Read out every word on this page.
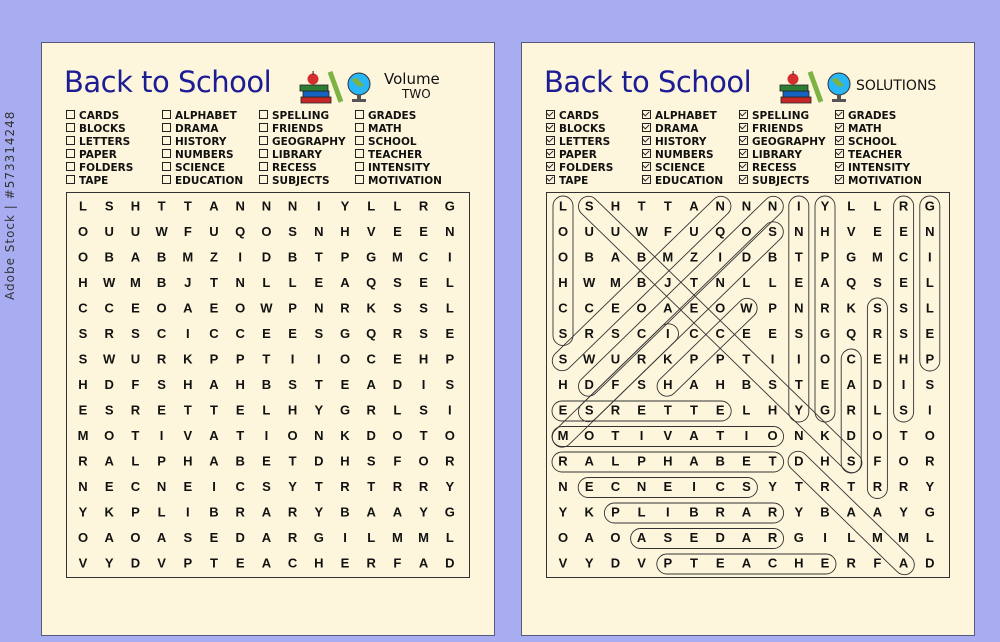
Back to School	Volume
TWO
CARDS
BLOCKS
LETTERS
PAPER
FOLDERS
TAPE
ALPHABET
DRAMA
HISTORY
NUMBERS
SCIENCE
EDUCATION
SPELLING
FRIENDS
GEOGRAPHY
LIBRARY
RECESS
SUBJECTS
GRADES
MATH
SCHOOL
TEACHER
INTENSITY
MOTIVATION
L S H T T A N N N I Y L L R G
O U U W F U Q O S N H V E E N
O B A B M Z I D B T P G M C I
H W M B J T N L L E A Q S E L
C C E O A E O W P N R K S S L
S R S C I C C E E S G Q R S E
S W U R K P P T I I O C E H P
H D F S H A H B S T E A D I S
E S R E T T E L H Y G R L S I
M O T I V A T I O N K D O T O
R A L P H A B E T D H S F O R
N E C N E I C S Y T R T R R Y
Y K P L I B R A R Y B A A Y G
O A O A S E D A R G I L M M L
V Y D V P T E A C H E R F A D
Back to School	SOLUTIONS
CARDS
BLOCKS
LETTERS
PAPER
FOLDERS
TAPE
ALPHABET
DRAMA
HISTORY
NUMBERS
SCIENCE
EDUCATION
SPELLING
FRIENDS
GEOGRAPHY
LIBRARY
RECESS
SUBJECTS
GRADES
MATH
SCHOOL
TEACHER
INTENSITY
MOTIVATION
L S H T T A N N N I Y L L R G
O U U W F U Q O S N H V E E N
O B A B M Z I D B T P G M C I
H W M B J T N L L E A Q S E L
C C E O A E O W P N R K S S L
S R S C I C C E E S G Q R S E
S W U R K P P T I I O C E H P
H D F S H A H B S T E A D I S
E S R E T T E L H Y G R L S I
M O T I V A T I O N K D O T O
R A L P H A B E T D H S F O R
N E C N E I C S Y T R T R R Y
Y K P L I B R A R Y B A A Y G
O A O A S E D A R G I L M M L
V Y D V P T E A C H E R F A D
Adobe Stock | #573314248
